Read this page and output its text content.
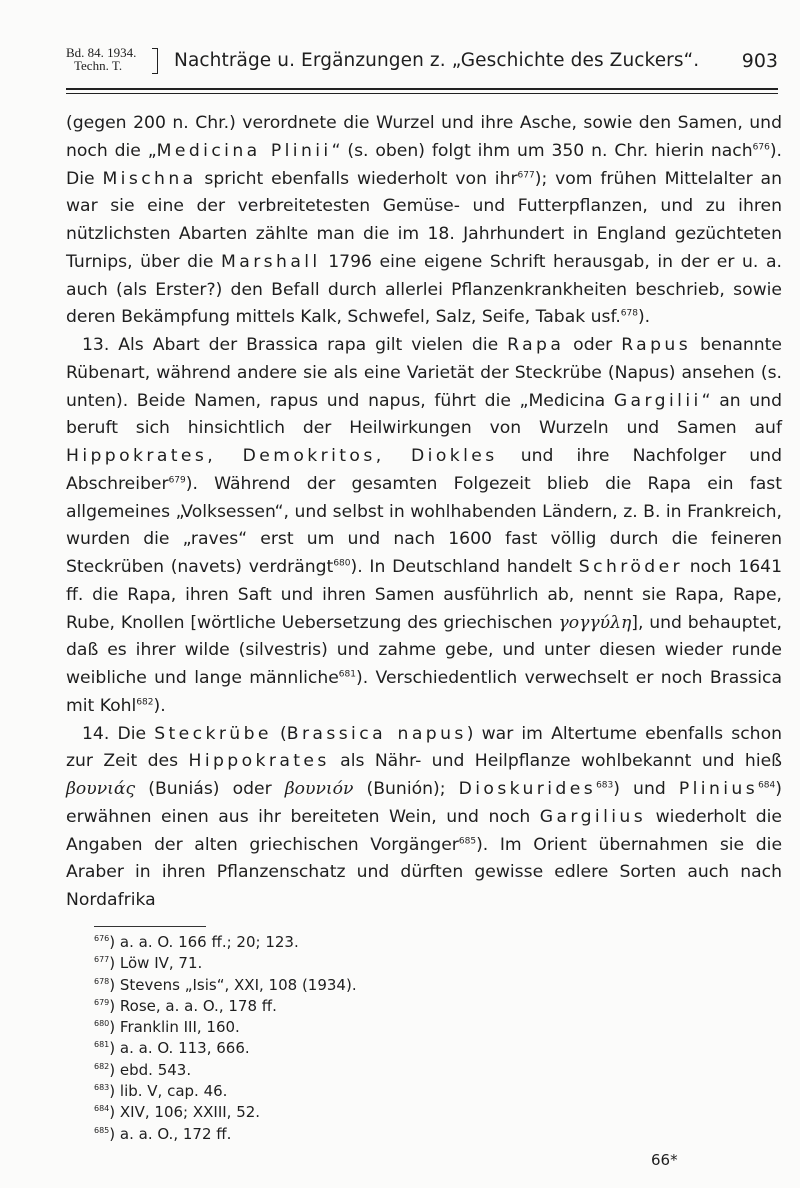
Bd. 84. 1934.
Techn. T.	Nachträge u. Ergänzungen z. „Geschichte des Zuckers“. 903

(gegen 200 n. Chr.) verordnete die Wurzel und ihre Asche, sowie den Samen, und noch die „Medicina Plinii“ (s. oben) folgt ihm um 350 n. Chr. hierin nach$^{676}$). Die Mischna spricht ebenfalls wiederholt von ihr$^{677}$); vom frühen Mittelalter an war sie eine der verbreitetesten Gemüse- und Futterpflanzen, und zu ihren nützlichsten Abarten zählte man die im 18. Jahrhundert in England gezüchteten Turnips, über die Marshall 1796 eine eigene Schrift herausgab, in der er u. a. auch (als Erster?) den Befall durch allerlei Pflanzenkrankheiten beschrieb, sowie deren Bekämpfung mittels Kalk, Schwefel, Salz, Seife, Tabak usf.$^{678}$).

13. Als Abart der Brassica rapa gilt vielen die Rapa oder Rapus benannte Rübenart, während andere sie als eine Varietät der Steckrübe (Napus) ansehen (s. unten). Beide Namen, rapus und napus, führt die „Medicina Gargilii“ an und beruft sich hinsichtlich der Heilwirkungen von Wurzeln und Samen auf Hippokrates, Demokritos, Diokles und ihre Nachfolger und Abschreiber$^{679}$). Während der gesamten Folgezeit blieb die Rapa ein fast allgemeines „Volksessen“, und selbst in wohlhabenden Ländern, z. B. in Frankreich, wurden die „raves“ erst um und nach 1600 fast völlig durch die feineren Steckrüben (navets) verdrängt$^{680}$). In Deutschland handelt Schröder noch 1641 ff. die Rapa, ihren Saft und ihren Samen ausführlich ab, nennt sie Rapa, Rape, Rube, Knollen [wörtliche Uebersetzung des griechischen γογγύλη], und behauptet, daß es ihrer wilde (silvestris) und zahme gebe, und unter diesen wieder runde weibliche und lange männliche$^{681}$). Verschiedentlich verwechselt er noch Brassica mit Kohl$^{682}$).

14. Die Steckrübe (Brassica napus) war im Altertume ebenfalls schon zur Zeit des Hippokrates als Nähr- und Heilpflanze wohlbekannt und hieß βουνιάς (Buniás) oder βουνιόν (Bunión); Dioskurides$^{683}$) und Plinius$^{684}$) erwähnen einen aus ihr bereiteten Wein, und noch Gargilius wiederholt die Angaben der alten griechischen Vorgänger$^{685}$). Im Orient übernahmen sie die Araber in ihren Pflanzenschatz und dürften gewisse edlere Sorten auch nach Nordafrika

$^{676}$) a. a. O. 166 ff.; 20; 123.
$^{677}$) Löw IV, 71.
$^{678}$) Stevens „Isis“, XXI, 108 (1934).
$^{679}$) Rose, a. a. O., 178 ff.
$^{680}$) Franklin III, 160.
$^{681}$) a. a. O. 113, 666.
$^{682}$) ebd. 543.
$^{683}$) lib. V, cap. 46.
$^{684}$) XIV, 106; XXIII, 52.
$^{685}$) a. a. O., 172 ff.
66*
